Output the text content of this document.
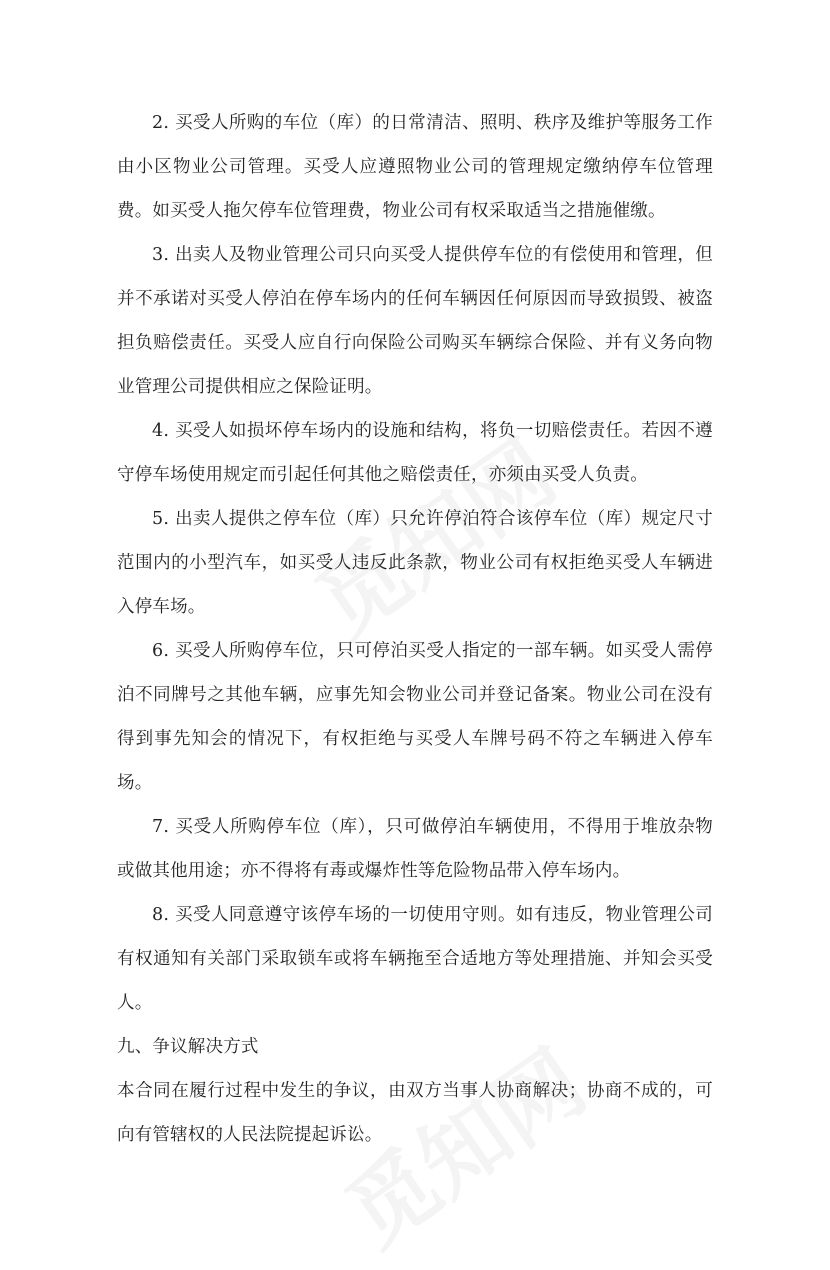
2. 买受人所购的车位（库）的日常清洁、照明、秩序及维护等服务工作由小区物业公司管理。买受人应遵照物业公司的管理规定缴纳停车位管理费。如买受人拖欠停车位管理费，物业公司有权采取适当之措施催缴。

3. 出卖人及物业管理公司只向买受人提供停车位的有偿使用和管理，但并不承诺对买受人停泊在停车场内的任何车辆因任何原因而导致损毁、被盗担负赔偿责任。买受人应自行向保险公司购买车辆综合保险、并有义务向物业管理公司提供相应之保险证明。

4. 买受人如损坏停车场内的设施和结构，将负一切赔偿责任。若因不遵守停车场使用规定而引起任何其他之赔偿责任，亦须由买受人负责。

5. 出卖人提供之停车位（库）只允许停泊符合该停车位（库）规定尺寸范围内的小型汽车，如买受人违反此条款，物业公司有权拒绝买受人车辆进入停车场。

6. 买受人所购停车位，只可停泊买受人指定的一部车辆。如买受人需停泊不同牌号之其他车辆，应事先知会物业公司并登记备案。物业公司在没有得到事先知会的情况下，有权拒绝与买受人车牌号码不符之车辆进入停车场。

7. 买受人所购停车位（库），只可做停泊车辆使用，不得用于堆放杂物或做其他用途；亦不得将有毒或爆炸性等危险物品带入停车场内。

8. 买受人同意遵守该停车场的一切使用守则。如有违反，物业管理公司有权通知有关部门采取锁车或将车辆拖至合适地方等处理措施、并知会买受人。

九、争议解决方式

本合同在履行过程中发生的争议，由双方当事人协商解决；协商不成的，可向有管辖权的人民法院提起诉讼。
